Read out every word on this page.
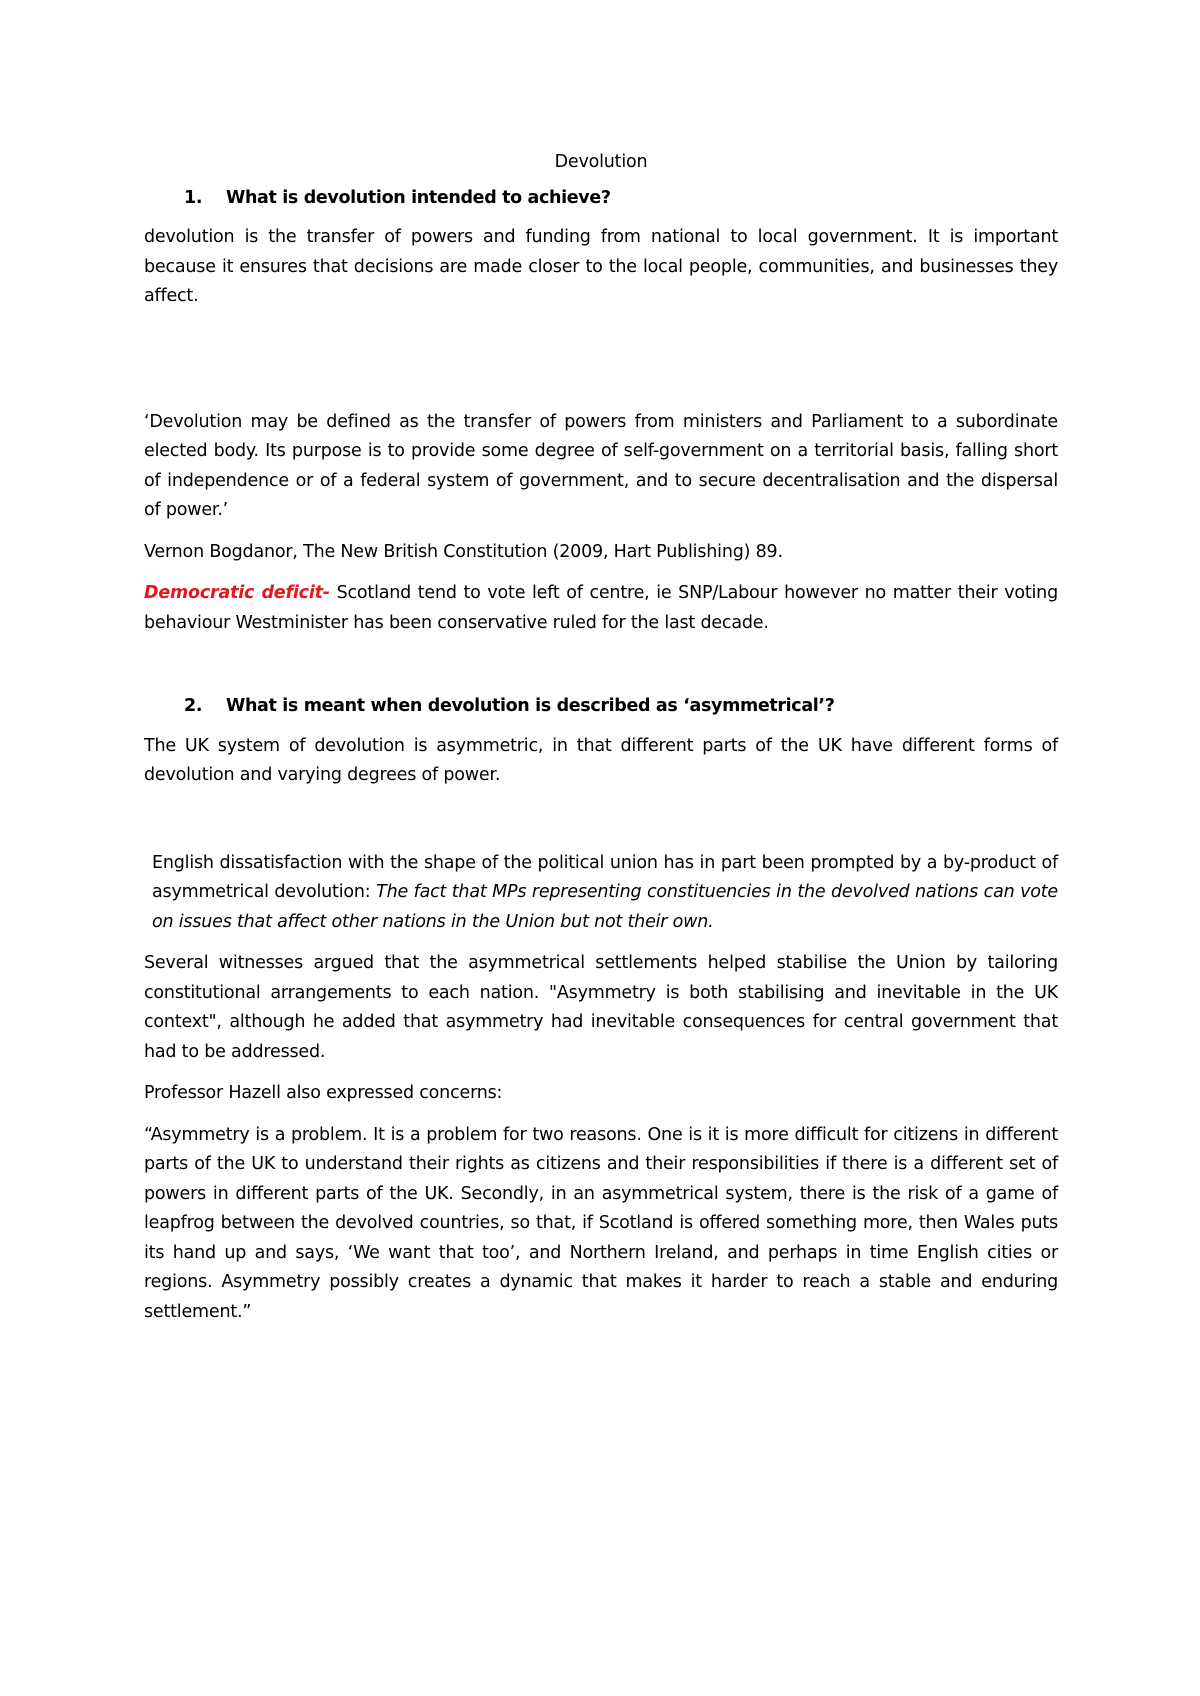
Devolution
1. What is devolution intended to achieve?

devolution is the transfer of powers and funding from national to local government. It is important because it ensures that decisions are made closer to the local people, communities, and businesses they affect.

‘Devolution may be defined as the transfer of powers from ministers and Parliament to a subordinate elected body. Its purpose is to provide some degree of self-government on a territorial basis, falling short of independence or of a federal system of government, and to secure decentralisation and the dispersal of power.’

Vernon Bogdanor, The New British Constitution (2009, Hart Publishing) 89.

Democratic deficit- Scotland tend to vote left of centre, ie SNP/Labour however no matter their voting behaviour Westminister has been conservative ruled for the last decade.

2. What is meant when devolution is described as ‘asymmetrical’?

The UK system of devolution is asymmetric, in that different parts of the UK have different forms of devolution and varying degrees of power.

English dissatisfaction with the shape of the political union has in part been prompted by a by-product of asymmetrical devolution: The fact that MPs representing constituencies in the devolved nations can vote on issues that affect other nations in the Union but not their own.

Several witnesses argued that the asymmetrical settlements helped stabilise the Union by tailoring constitutional arrangements to each nation. "Asymmetry is both stabilising and inevitable in the UK context", although he added that asymmetry had inevitable consequences for central government that had to be addressed.

Professor Hazell also expressed concerns:

“Asymmetry is a problem. It is a problem for two reasons. One is it is more difficult for citizens in different parts of the UK to understand their rights as citizens and their responsibilities if there is a different set of powers in different parts of the UK. Secondly, in an asymmetrical system, there is the risk of a game of leapfrog between the devolved countries, so that, if Scotland is offered something more, then Wales puts its hand up and says, ‘We want that too’, and Northern Ireland, and perhaps in time English cities or regions. Asymmetry possibly creates a dynamic that makes it harder to reach a stable and enduring settlement.”
